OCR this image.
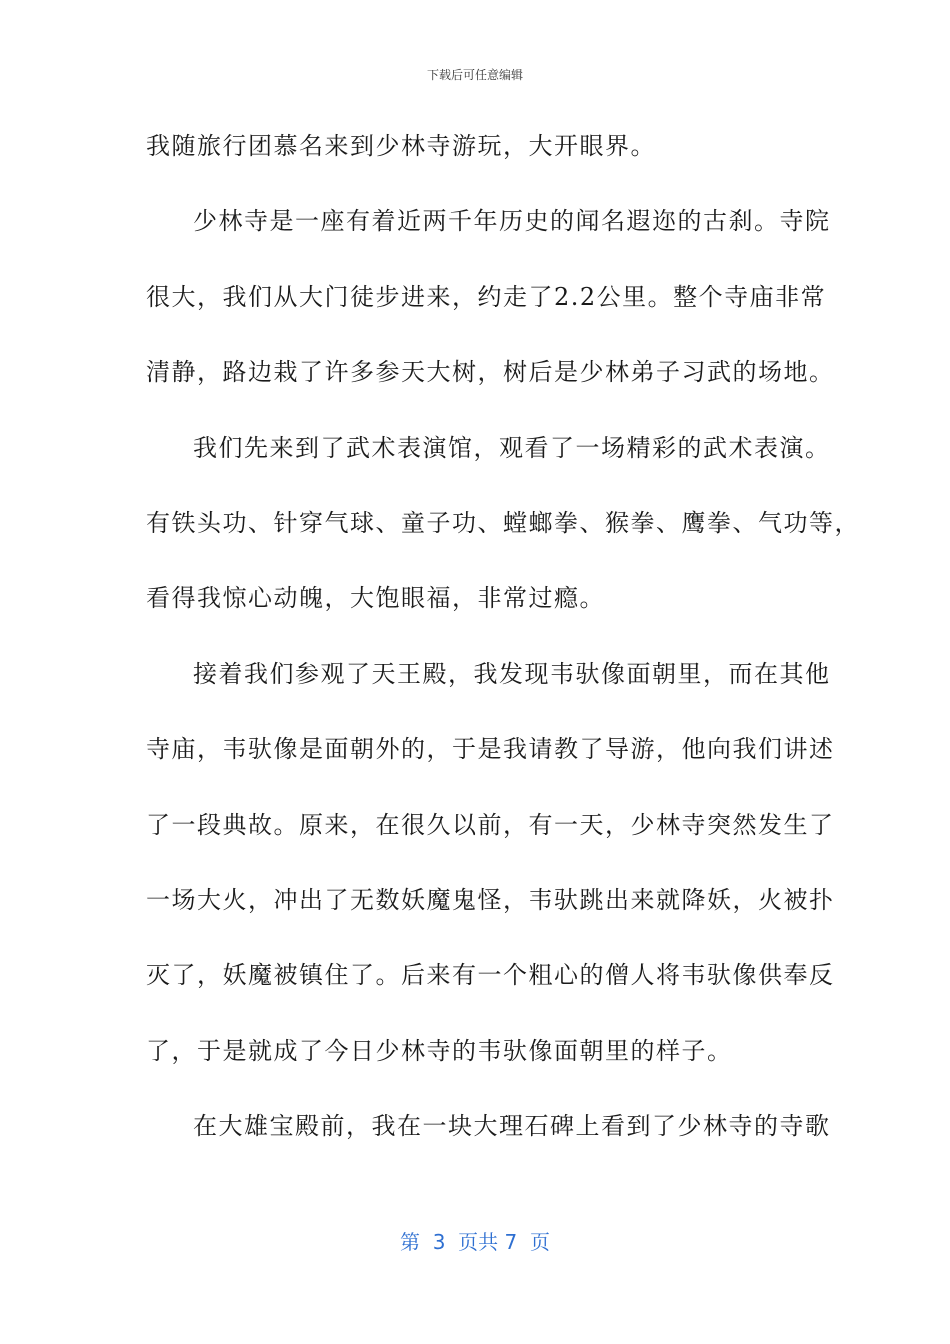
下载后可任意编辑
我随旅行团慕名来到少林寺游玩，大开眼界。
少林寺是一座有着近两千年历史的闻名遐迩的古刹。寺院
很大，我们从大门徒步进来，约走了2.2公里。整个寺庙非常
清静，路边栽了许多参天大树，树后是少林弟子习武的场地。
我们先来到了武术表演馆，观看了一场精彩的武术表演。
有铁头功、针穿气球、童子功、螳螂拳、猴拳、鹰拳、气功等，
看得我惊心动魄，大饱眼福，非常过瘾。
接着我们参观了天王殿，我发现韦驮像面朝里，而在其他
寺庙，韦驮像是面朝外的，于是我请教了导游，他向我们讲述
了一段典故。原来，在很久以前，有一天，少林寺突然发生了
一场大火，冲出了无数妖魔鬼怪，韦驮跳出来就降妖，火被扑
灭了，妖魔被镇住了。后来有一个粗心的僧人将韦驮像供奉反
了，于是就成了今日少林寺的韦驮像面朝里的样子。
在大雄宝殿前，我在一块大理石碑上看到了少林寺的寺歌
第  3  页共 7  页
